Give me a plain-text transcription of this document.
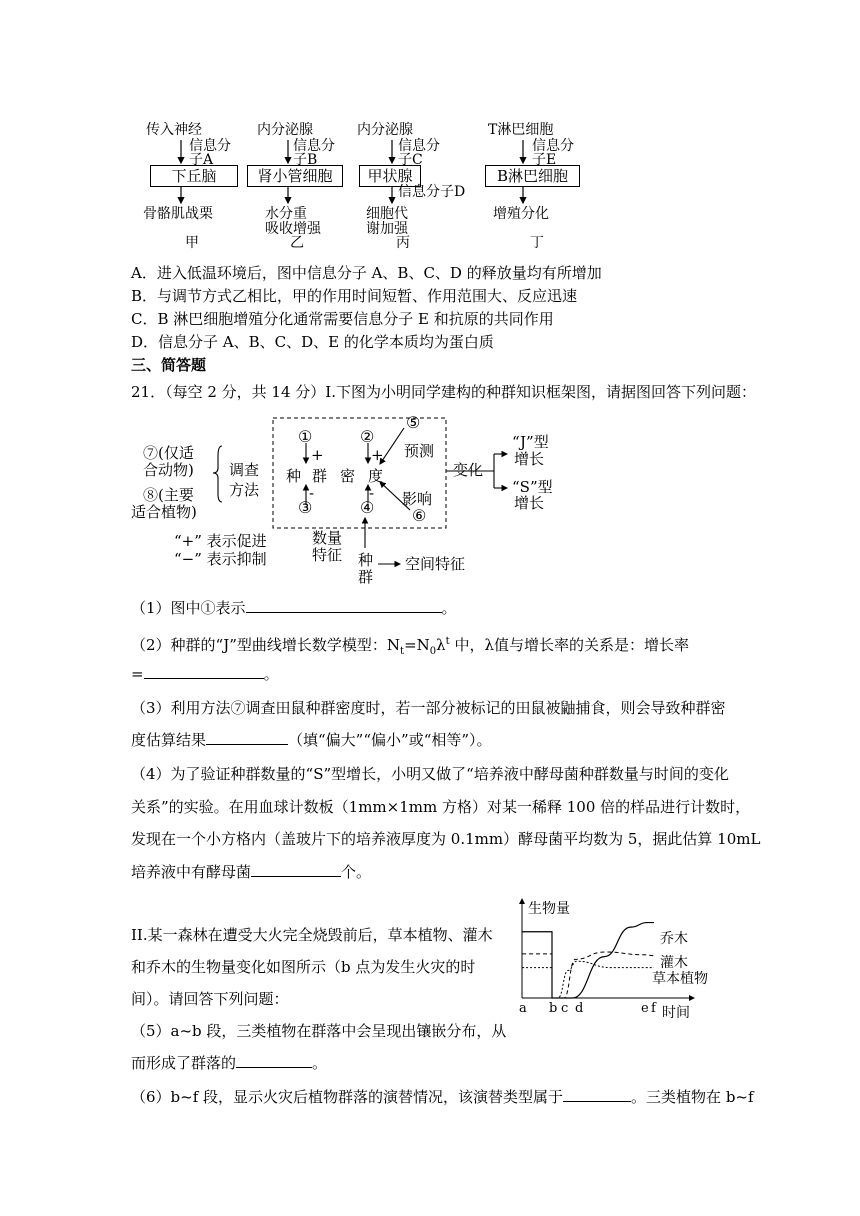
传入神经
信息分
子A
下丘脑
骨骼肌战栗
甲
内分泌腺
信息分
子B
肾小管细胞
水分重
吸收增强
乙
内分泌腺
信息分
子C
甲状腺
信息分子D
细胞代
谢加强
丙
T淋巴细胞
信息分
子E
B淋巴细胞
增殖分化
丁
A．进入低温环境后，图中信息分子 A、B、C、D 的释放量均有所增加
B．与调节方式乙相比，甲的作用时间短暂、作用范围大、反应迅速
C．B 淋巴细胞增殖分化通常需要信息分子 E 和抗原的共同作用
D．信息分子 A、B、C、D、E 的化学本质均为蛋白质
三、简答题
21．（每空 2 分，共 14 分）I.下图为小明同学建构的种群知识框架图，请据图回答下列问题：
⑦(仅适
合动物) 调查
方法
⑧(主要
适合植物)
①	②
③	④
⑤
⑥
+	+
-	-
种 群 密 度
预测
影响
变化
“J”型
增长
“S”型
增长
“+” 表示促进
“−” 表示抑制
数量
特征 种
群
空间特征
（1）图中①表示	。
（2）种群的“J”型曲线增长数学模型：$N_t=N_0\lambda^t$ 中，λ值与增长率的关系是：增长率
=	。
（3）利用方法⑦调查田鼠种群密度时，若一部分被标记的田鼠被鼬捕食，则会导致种群密
度估算结果	（填“偏大”“偏小”或“相等”）。
（4）为了验证种群数量的“S”型增长，小明又做了“培养液中酵母菌种群数量与时间的变化
关系”的实验。在用血球计数板（1mm×1mm 方格）对某一稀释 100 倍的样品进行计数时，
发现在一个小方格内（盖玻片下的培养液厚度为 0.1mm）酵母菌平均数为 5，据此估算 10mL
培养液中有酵母菌	个。
II.某一森林在遭受大火完全烧毁前后，草本植物、灌木
和乔木的生物量变化如图所示（b 点为发生火灾的时
间）。请回答下列问题：
（5）a~b 段，三类植物在群落中会呈现出镶嵌分布，从
而形成了群落的	。
（6）b~f 段，显示火灾后植物群落的演替情况，该演替类型属于	。三类植物在 b~f
生物量
时间
a b c d	e f
乔木
灌木
草本植物
